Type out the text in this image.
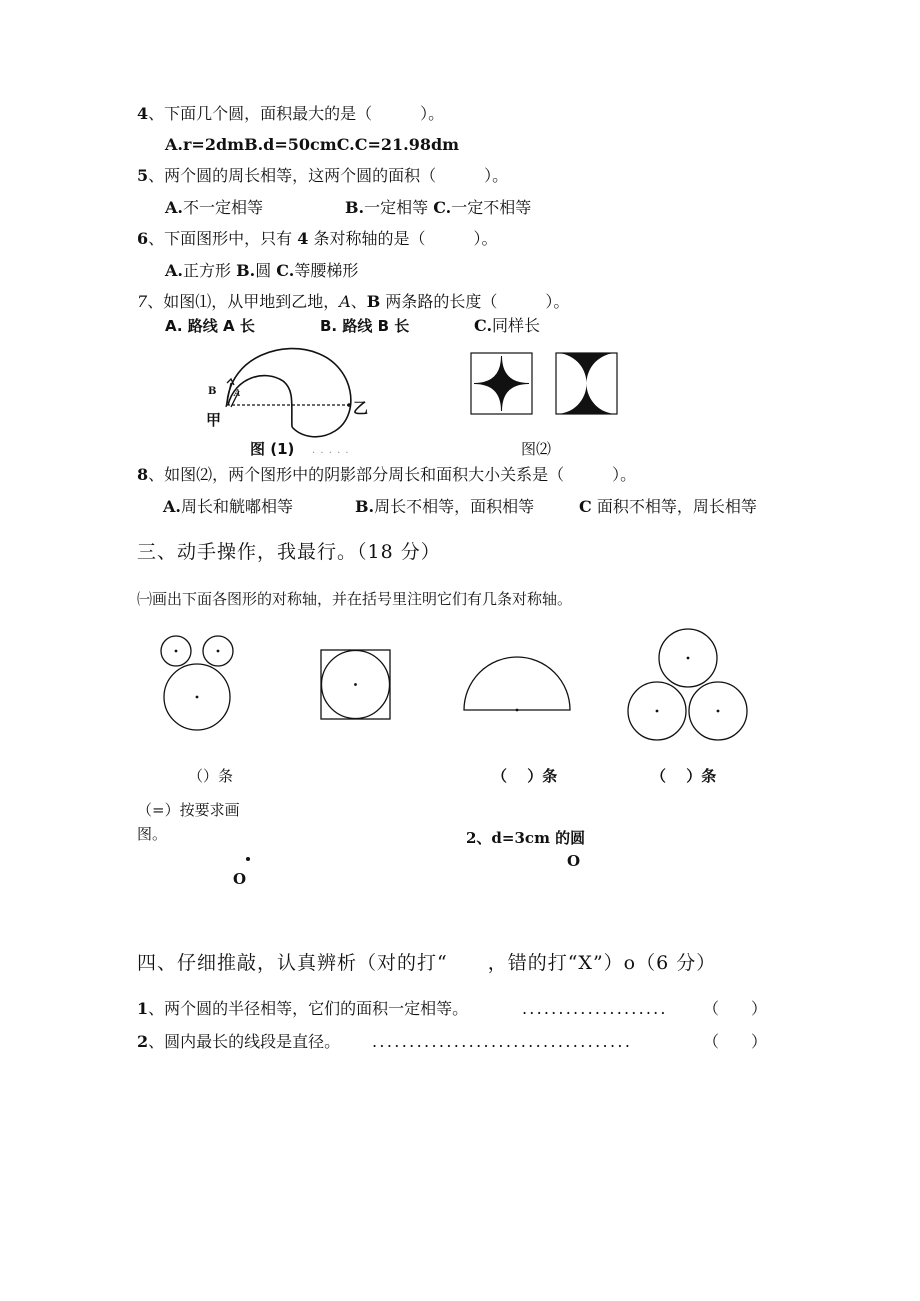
4、下面几个圆，面积最大的是（　　　）。
A.r=2dmB.d=50cmC.C=21.98dm
5、两个圆的周长相等，这两个圆的面积（　　　）。
A.不一定相等	B.一定相等 C.一定不相等
6、下面图形中，只有 4 条对称轴的是（　　　）。
A.正方形 B.圆 C.等腰梯形
7、如图⑴，从甲地到乙地，A、B 两条路的长度（　　　）。
A. 路线 A 长	B. 路线 B 长	C.同样长
B A
甲
乙
图 (1) . . . . .	图⑵
8、如图⑵，两个图形中的阴影部分周长和面积大小关系是（　　　）。
A.周长和觥嘟相等	B.周长不相等，面积相等	C 面积不相等，周长相等
三、动手操作，我最行。（18 分）
㈠画出下面各图形的对称轴，并在括号里注明它们有几条对称轴。
（）条	（　 ）条	（　 ）条
（=）按要求画
图。
O
2、d=3cm 的圆
O
四、仔细推敲，认真辨析（对的打“　　，错的打“X”）o（6 分）
1、两个圆的半径相等，它们的面积一定相等。	.................... （　　）
2、圆内最长的线段是直径。 ...................................	（　　）
